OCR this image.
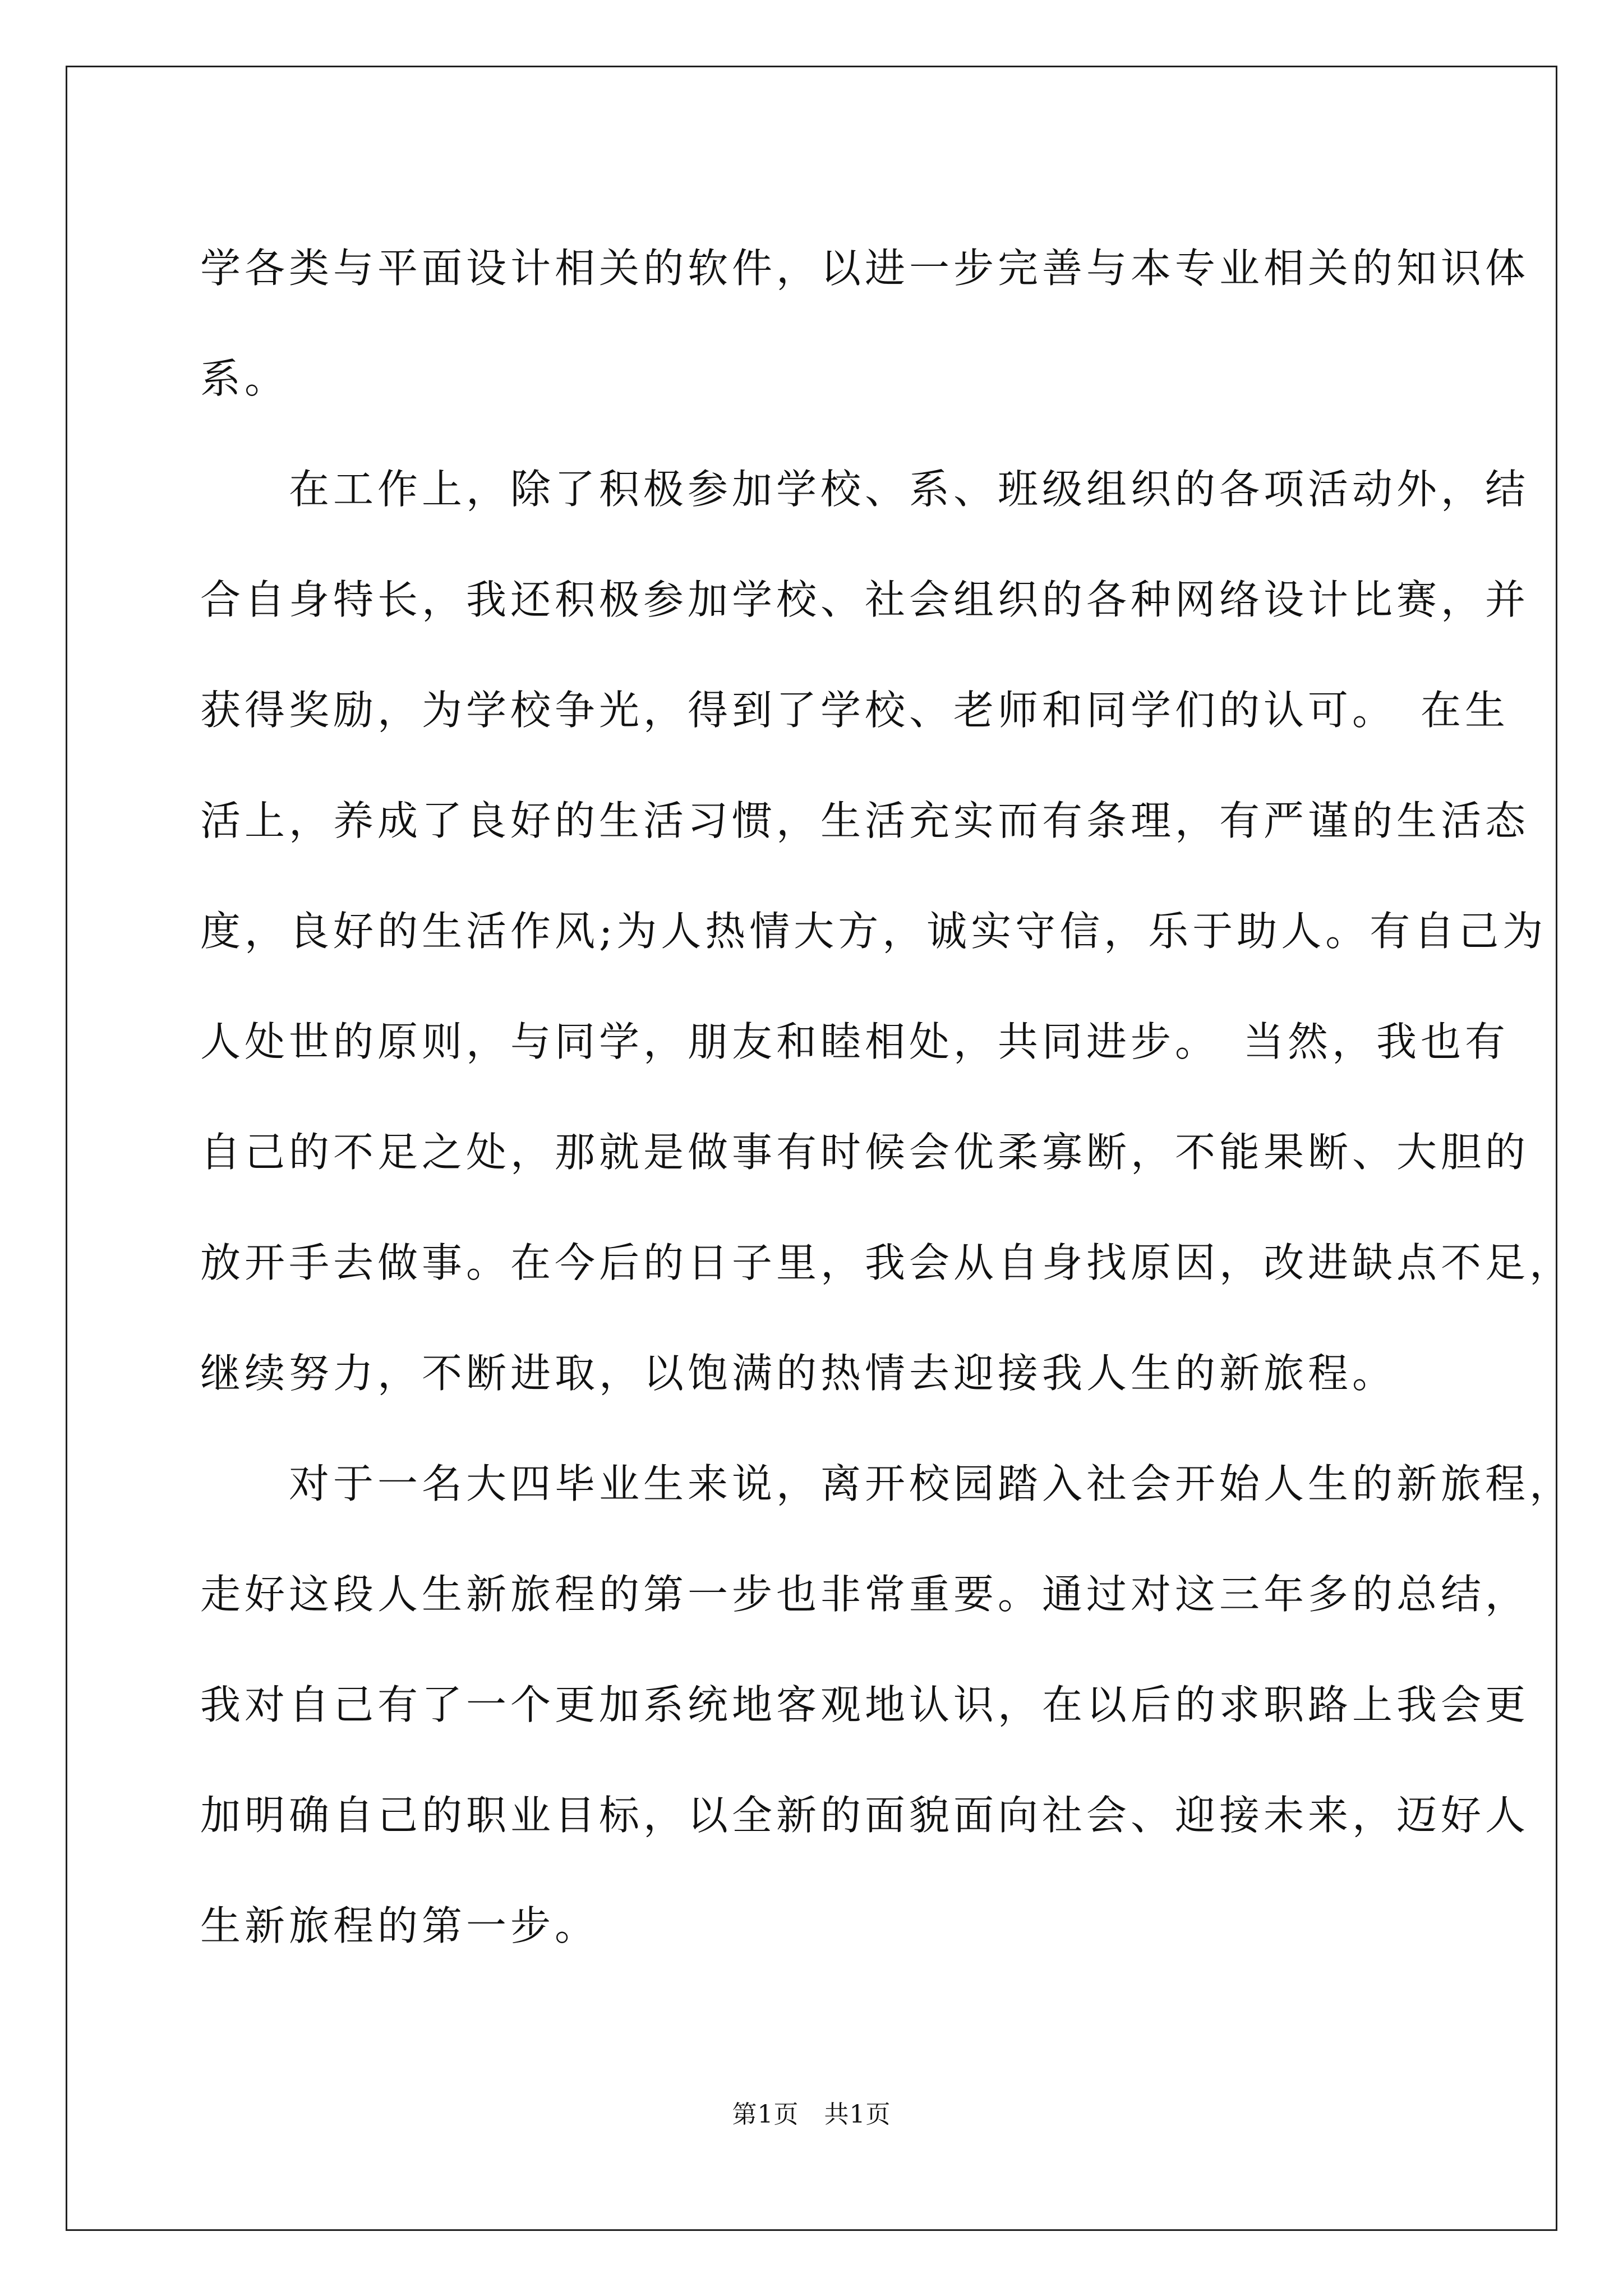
学各类与平面设计相关的软件，以进一步完善与本专业相关的知识体
系。
　　在工作上，除了积极参加学校、系、班级组织的各项活动外，结
合自身特长，我还积极参加学校、社会组织的各种网络设计比赛，并
获得奖励，为学校争光，得到了学校、老师和同学们的认可。　在生
活上，养成了良好的生活习惯，生活充实而有条理，有严谨的生活态
度，良好的生活作风;为人热情大方，诚实守信，乐于助人。有自己为
人处世的原则，与同学，朋友和睦相处，共同进步。　当然，我也有
自己的不足之处，那就是做事有时候会优柔寡断，不能果断、大胆的
放开手去做事。在今后的日子里，我会从自身找原因，改进缺点不足，
继续努力，不断进取，以饱满的热情去迎接我人生的新旅程。
　　对于一名大四毕业生来说，离开校园踏入社会开始人生的新旅程，
走好这段人生新旅程的第一步也非常重要。通过对这三年多的总结，
我对自己有了一个更加系统地客观地认识，在以后的求职路上我会更
加明确自己的职业目标，以全新的面貌面向社会、迎接未来，迈好人
生新旅程的第一步。
第1页　共1页
